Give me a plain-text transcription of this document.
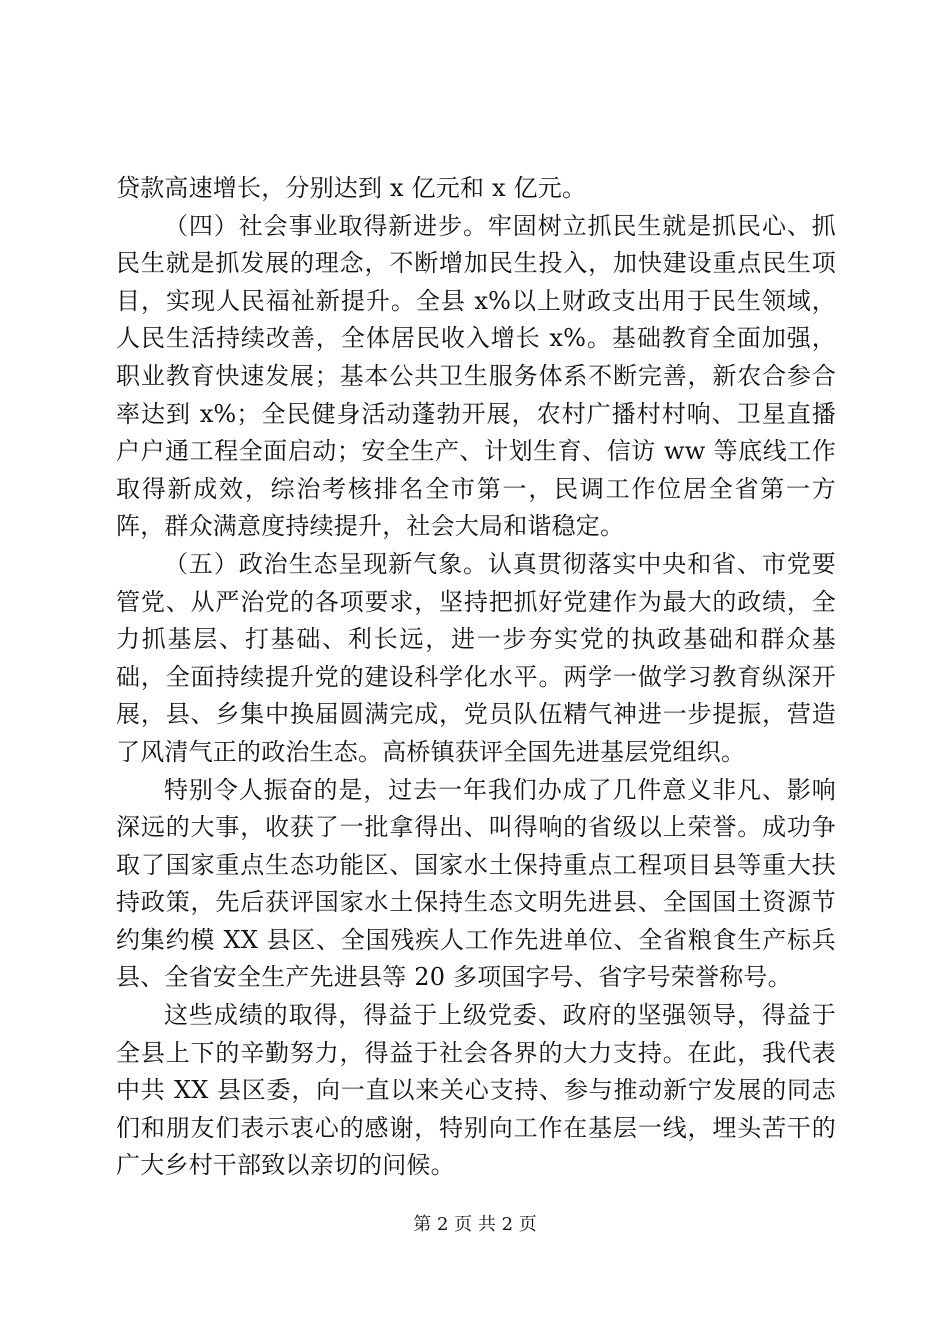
贷款高速增长，分别达到 x 亿元和 x 亿元。

（四）社会事业取得新进步。牢固树立抓民生就是抓民心、抓民生就是抓发展的理念，不断增加民生投入，加快建设重点民生项目，实现人民福祉新提升。全县 x%以上财政支出用于民生领域，人民生活持续改善，全体居民收入增长 x%。基础教育全面加强，职业教育快速发展；基本公共卫生服务体系不断完善，新农合参合率达到 x%；全民健身活动蓬勃开展，农村广播村村响、卫星直播户户通工程全面启动；安全生产、计划生育、信访 ww 等底线工作取得新成效，综治考核排名全市第一，民调工作位居全省第一方阵，群众满意度持续提升，社会大局和谐稳定。

（五）政治生态呈现新气象。认真贯彻落实中央和省、市党要管党、从严治党的各项要求，坚持把抓好党建作为最大的政绩，全力抓基层、打基础、利长远，进一步夯实党的执政基础和群众基础，全面持续提升党的建设科学化水平。两学一做学习教育纵深开展，县、乡集中换届圆满完成，党员队伍精气神进一步提振，营造了风清气正的政治生态。高桥镇获评全国先进基层党组织。

特别令人振奋的是，过去一年我们办成了几件意义非凡、影响深远的大事，收获了一批拿得出、叫得响的省级以上荣誉。成功争取了国家重点生态功能区、国家水土保持重点工程项目县等重大扶持政策，先后获评国家水土保持生态文明先进县、全国国土资源节约集约模 XX 县区、全国残疾人工作先进单位、全省粮食生产标兵县、全省安全生产先进县等 20 多项国字号、省字号荣誉称号。

这些成绩的取得，得益于上级党委、政府的坚强领导，得益于全县上下的辛勤努力，得益于社会各界的大力支持。在此，我代表中共 XX 县区委，向一直以来关心支持、参与推动新宁发展的同志们和朋友们表示衷心的感谢，特别向工作在基层一线，埋头苦干的广大乡村干部致以亲切的问候。

第 2 页 共 2 页
